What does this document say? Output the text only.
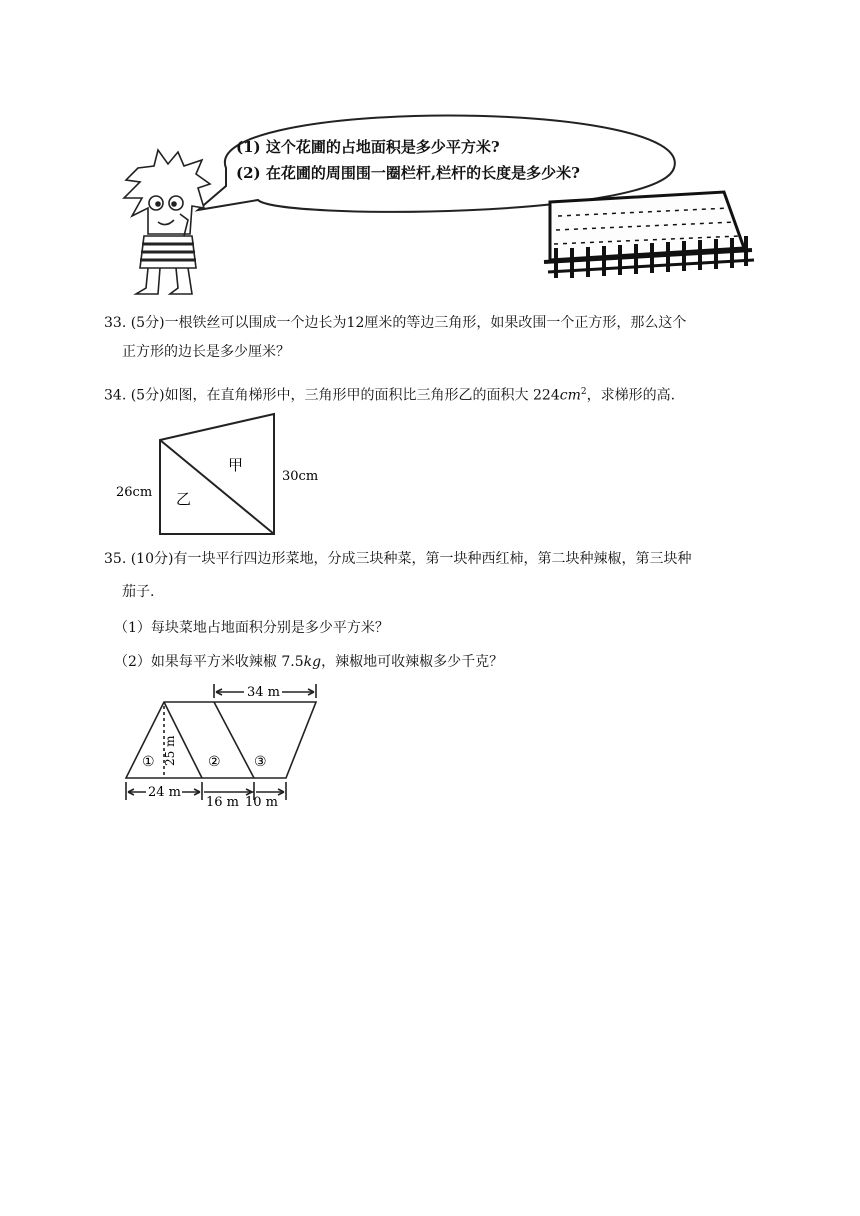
(1) 这个花圃的占地面积是多少平方米?
(2) 在花圃的周围围一圈栏杆,栏杆的长度是多少米?
33. (5分)一根铁丝可以围成一个边长为12厘米的等边三角形，如果改围一个正方形，那么这个
正方形的边长是多少厘米？
34. (5分)如图，在直角梯形中，三角形甲的面积比三角形乙的面积大 $224cm^2$，求梯形的高.
26cm
30cm
甲
乙
35. (10分)有一块平行四边形菜地，分成三块种菜，第一块种西红柿，第二块种辣椒，第三块种
茄子.
（1）每块菜地占地面积分别是多少平方米？
（2）如果每平方米收辣椒 7.5kg，辣椒地可收辣椒多少千克？
34 m
25 m
①	② ③
24 m
16 m 10 m
